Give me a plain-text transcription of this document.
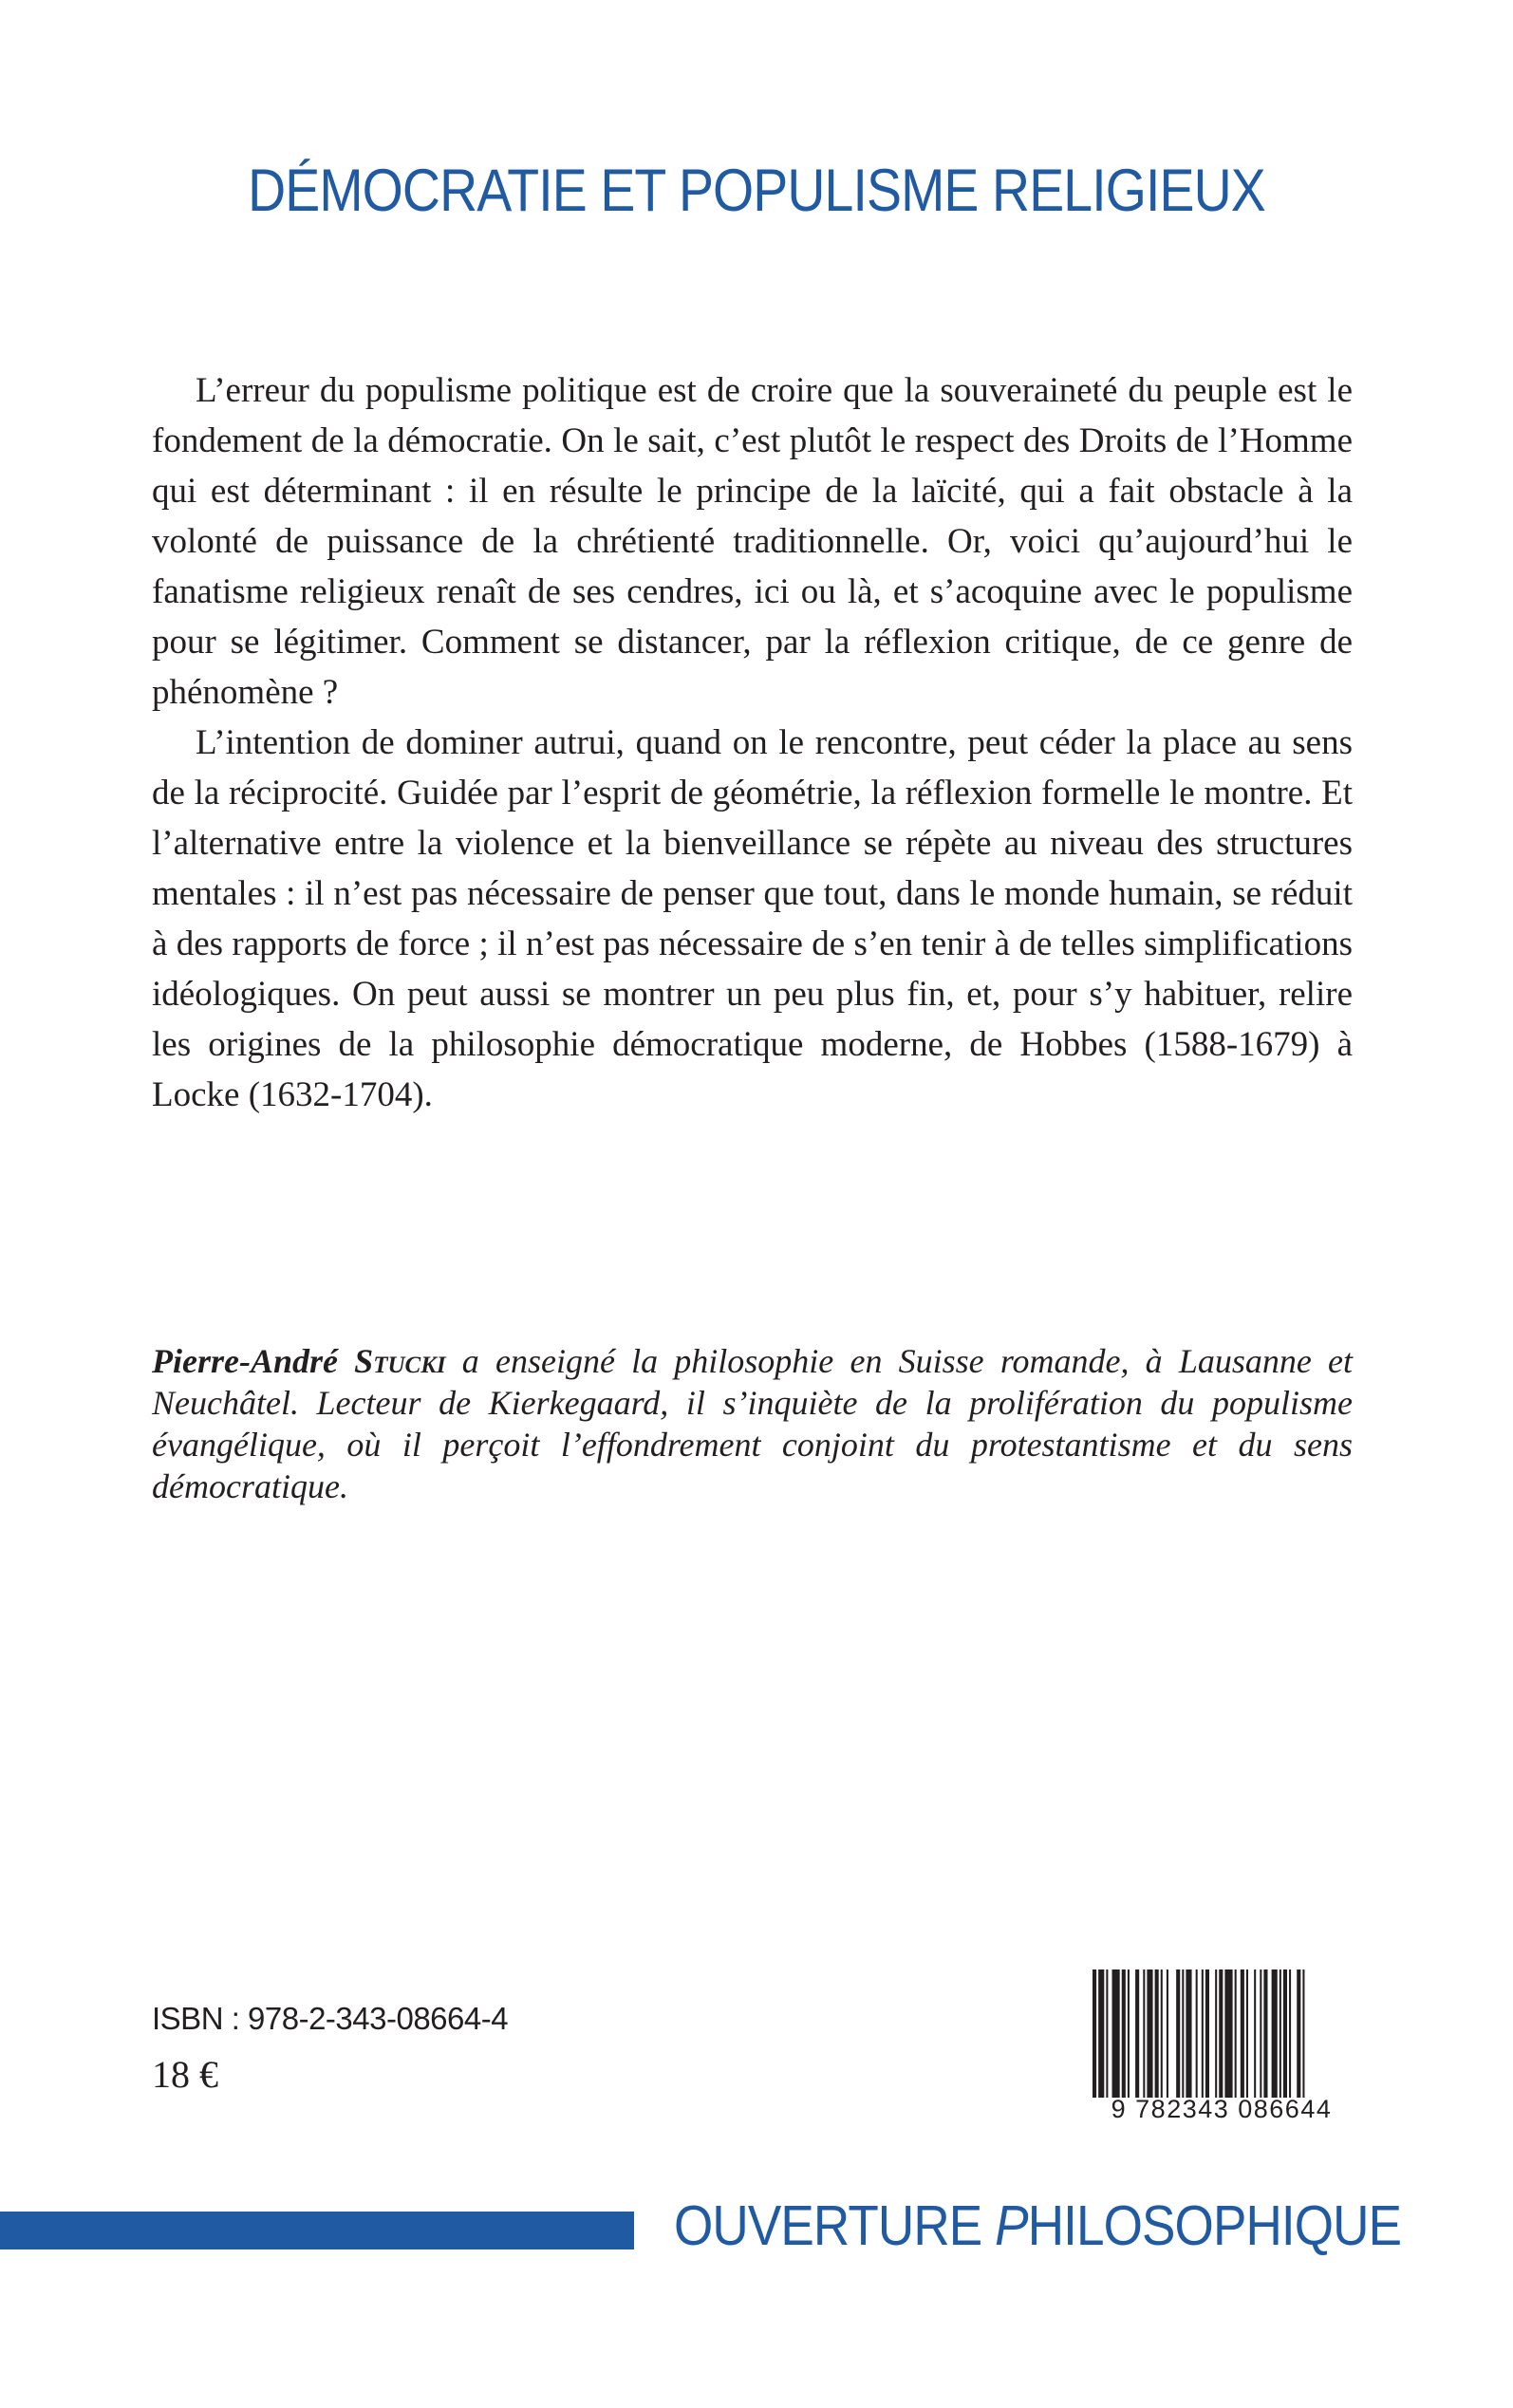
DÉMOCRATIE ET POPULISME RELIGIEUX

L’erreur du populisme politique est de croire que la souveraineté du peuple est le fondement de la démocratie. On le sait, c’est plutôt le respect des Droits de l’Homme qui est déterminant : il en résulte le principe de la laïcité, qui a fait obstacle à la volonté de puissance de la chrétienté traditionnelle. Or, voici qu’aujourd’hui le fanatisme religieux renaît de ses cendres, ici ou là, et s’acoquine avec le populisme pour se légitimer. Comment se distancer, par la réflexion critique, de ce genre de phénomène ?

L’intention de dominer autrui, quand on le rencontre, peut céder la place au sens de la réciprocité. Guidée par l’esprit de géométrie, la réflexion formelle le montre. Et l’alternative entre la violence et la bienveillance se répète au niveau des structures mentales : il n’est pas nécessaire de penser que tout, dans le monde humain, se réduit à des rapports de force ; il n’est pas nécessaire de s’en tenir à de telles simplifications idéologiques. On peut aussi se montrer un peu plus fin, et, pour s’y habituer, relire les origines de la philosophie démocratique moderne, de Hobbes (1588-1679) à Locke (1632-1704).

Pierre-André Stucki a enseigné la philosophie en Suisse romande, à Lausanne et Neuchâtel. Lecteur de Kierkegaard, il s’inquiète de la prolifération du populisme évangélique, où il perçoit l’effondrement conjoint du protestantisme et du sens démocratique.

ISBN : 978-2-343-08664-4
18 €
9 782343 086644
OUVERTURE PHILOSOPHIQUE
